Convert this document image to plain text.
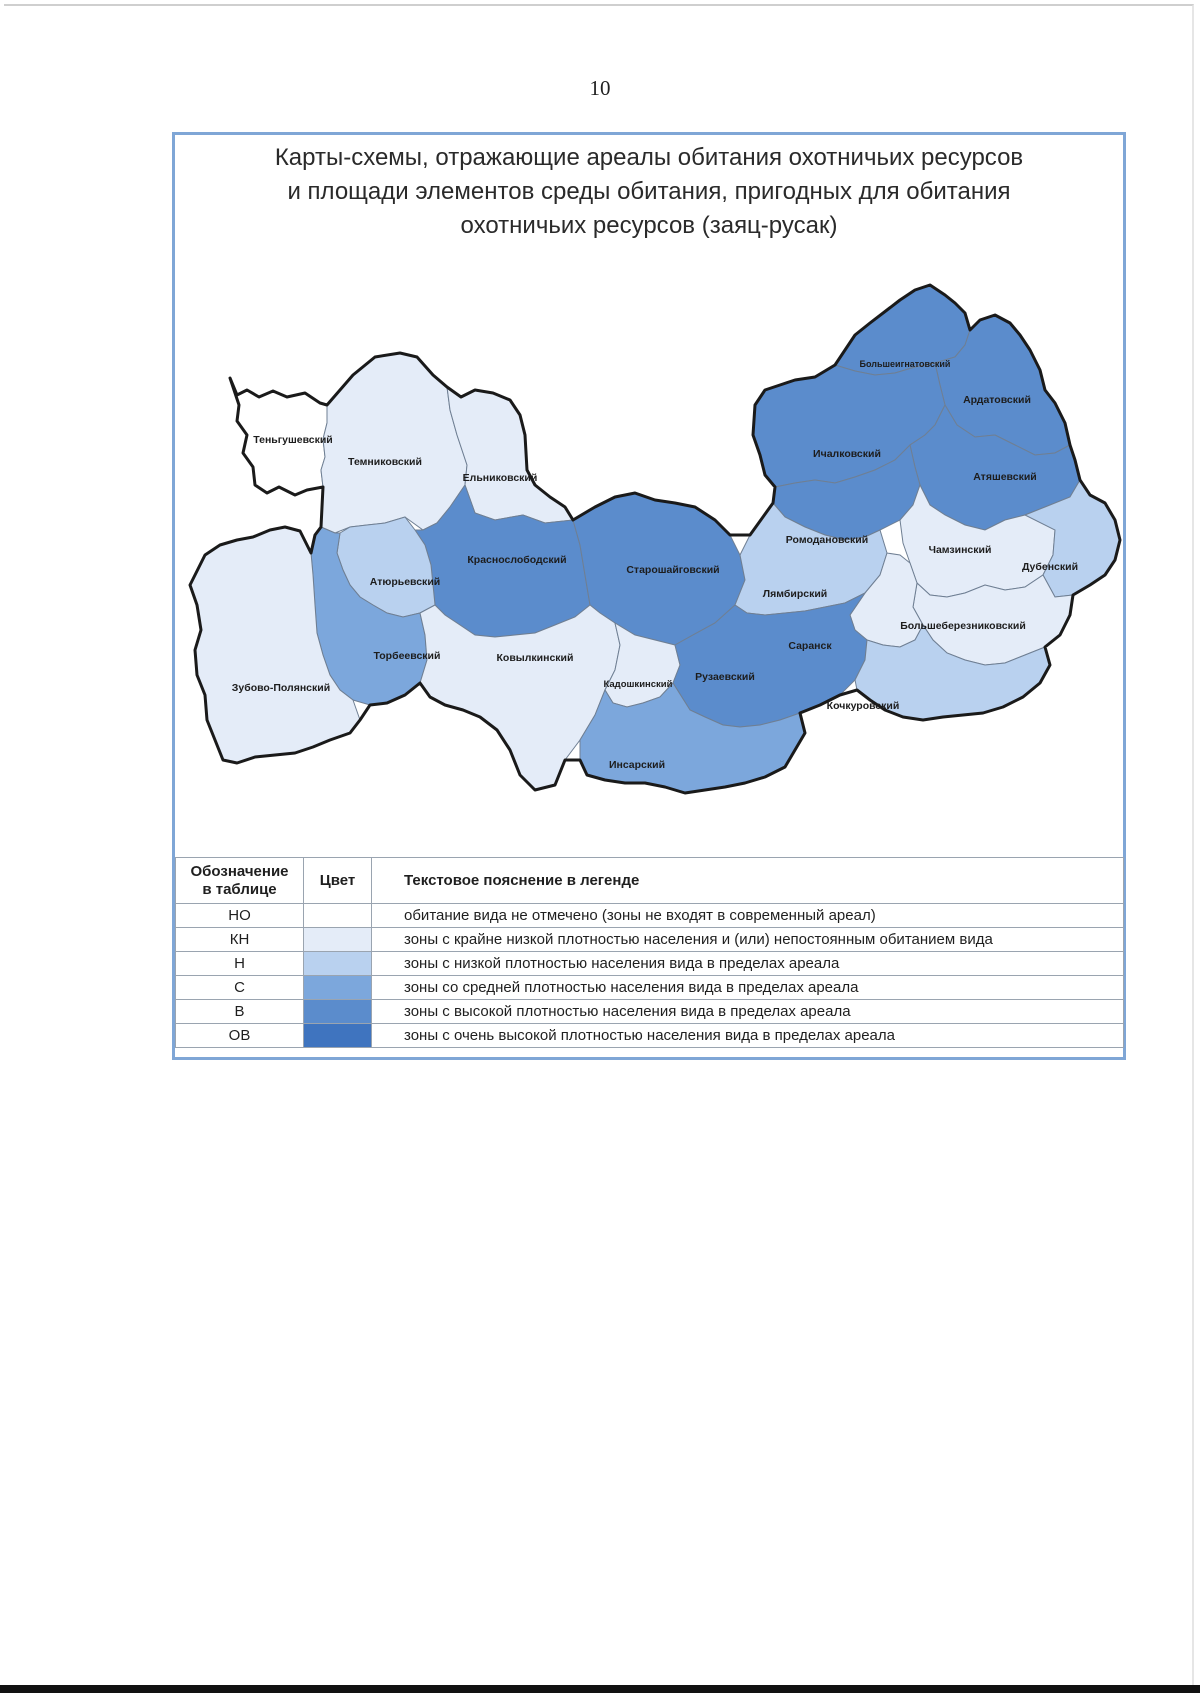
10
Карты-схемы, отражающие ареалы обитания охотничьих ресурсов
и площади элементов среды обитания, пригодных для обитания
охотничьих ресурсов (заяц-русак)
Теньгушевский
Темниковский
Ельниковский
Большеигнатовский
Ардатовский
Ичалковский
Атяшевский
Краснослободский
Старошайговский
Ромодановский
Чамзинский
Дубенский
Атюрьевский
Лямбирский
Большеберезниковский
Торбеевский	Ковылкинский
Саранск
Зубово-Полянский	Кадошкинский
Рузаевский
Кочкуровский
Инсарский
Обозначение
в таблице	Цвет	Текстовое пояснение в легенде
НО		обитание вида не отмечено (зоны не входят в современный ареал)
КН		зоны с крайне низкой плотностью населения и (или) непостоянным обитанием вида
Н		зоны с низкой плотностью населения вида в пределах ареала
С		зоны со средней плотностью населения вида в пределах ареала
В		зоны с высокой плотностью населения вида в пределах ареала
ОВ		зоны с очень высокой плотностью населения вида в пределах ареала
